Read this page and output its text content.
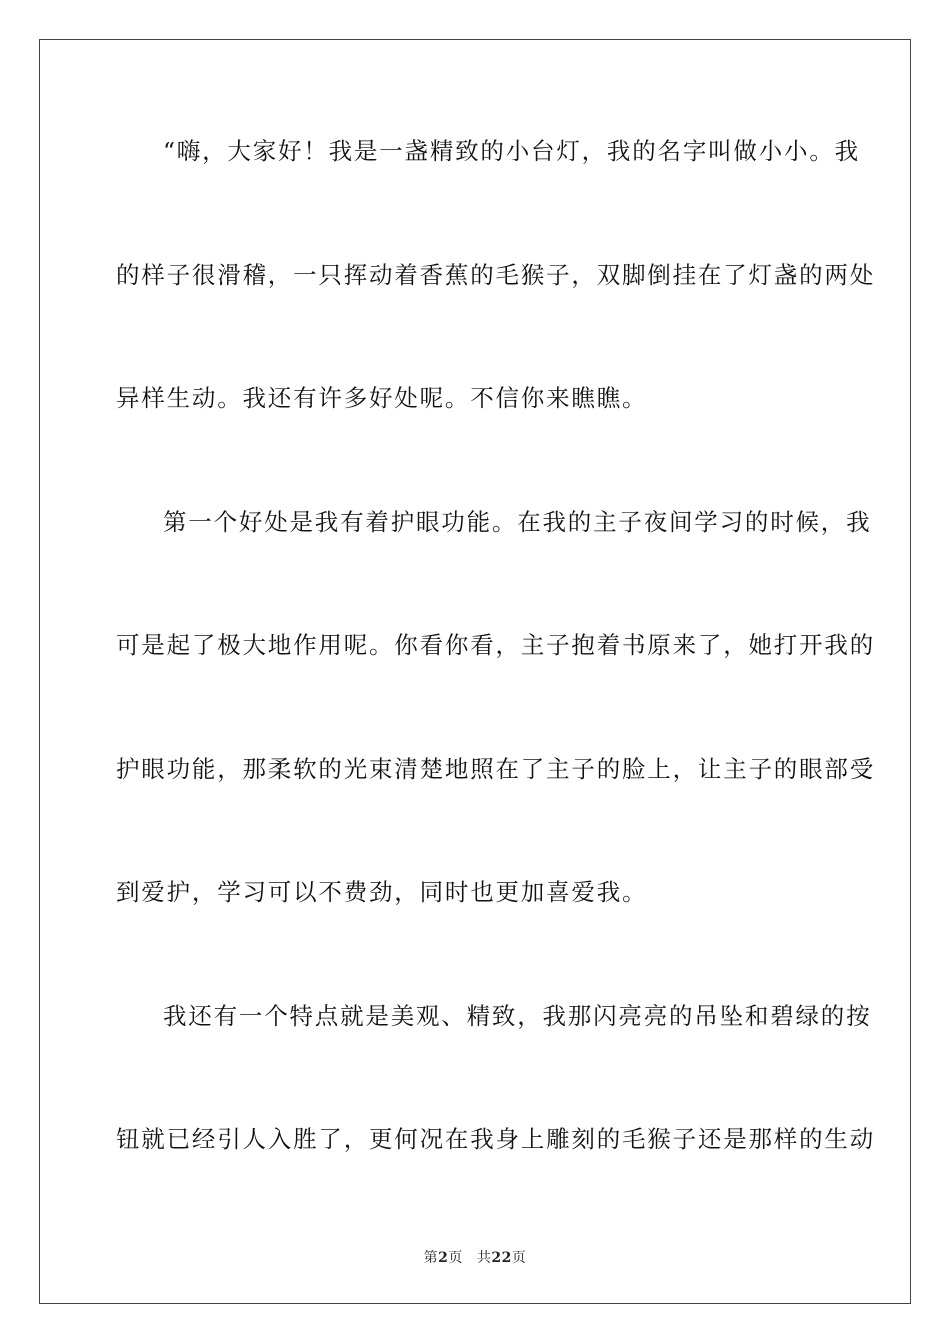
“嗨，大家好！我是一盏精致的小台灯，我的名字叫做小小。我
的样子很滑稽，一只挥动着香蕉的毛猴子，双脚倒挂在了灯盏的两处
异样生动。我还有许多好处呢。不信你来瞧瞧。
第一个好处是我有着护眼功能。在我的主子夜间学习的时候，我
可是起了极大地作用呢。你看你看，主子抱着书原来了，她打开我的
护眼功能，那柔软的光束清楚地照在了主子的脸上，让主子的眼部受
到爱护，学习可以不费劲，同时也更加喜爱我。
我还有一个特点就是美观、精致，我那闪亮亮的吊坠和碧绿的按
钮就已经引人入胜了，更何况在我身上雕刻的毛猴子还是那样的生动
第2页 共22页
